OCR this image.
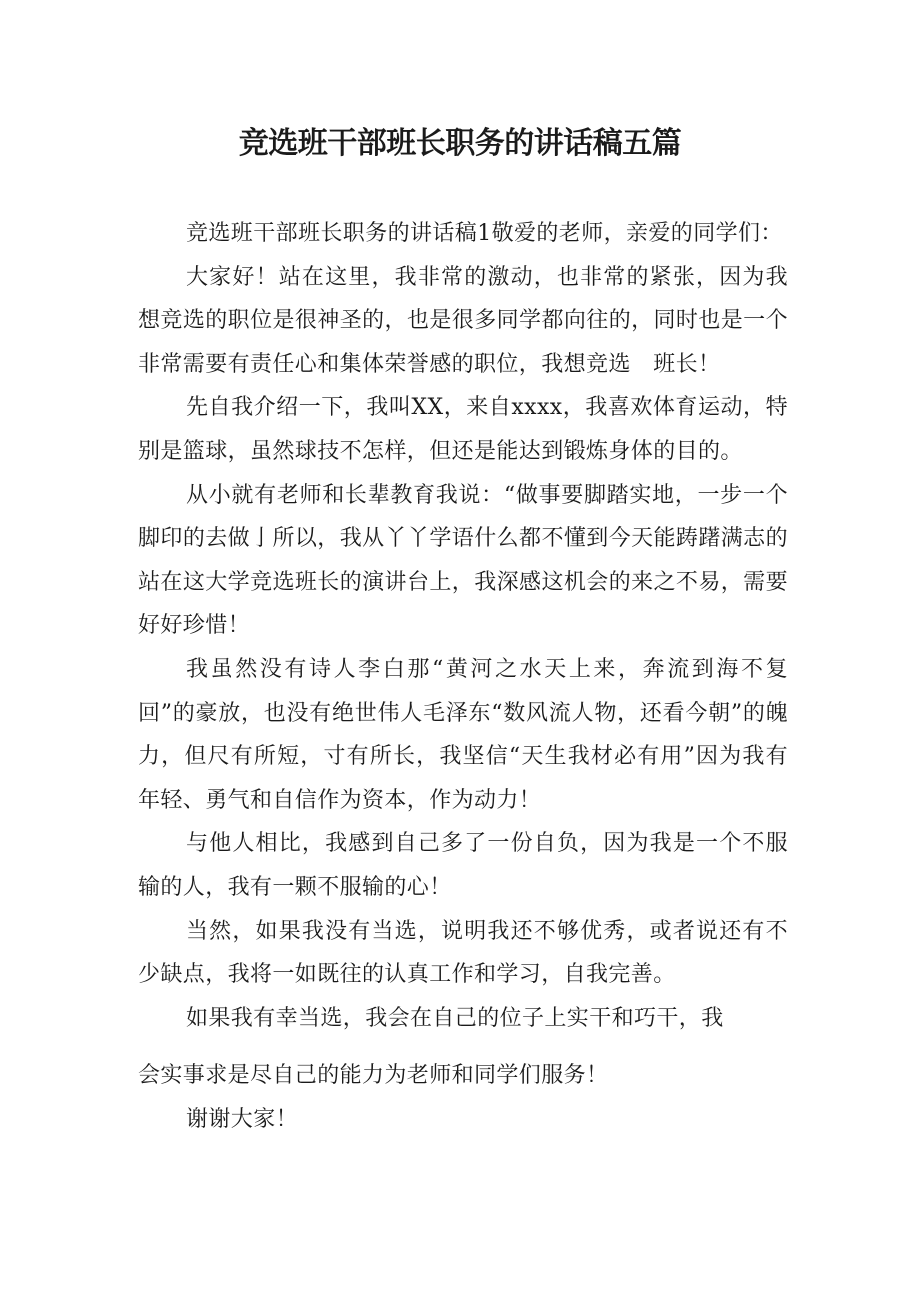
竞选班干部班长职务的讲话稿五篇

竞选班干部班长职务的讲话稿1敬爱的老师，亲爱的同学们：

大家好！站在这里，我非常的激动，也非常的紧张，因为我想竞选的职位是很神圣的，也是很多同学都向往的，同时也是一个非常需要有责任心和集体荣誉感的职位，我想竞选　班长！

先自我介绍一下，我叫XX，来自xxxx，我喜欢体育运动，特别是篮球，虽然球技不怎样，但还是能达到锻炼身体的目的。

从小就有老师和长辈教育我说：“做事要脚踏实地，一步一个脚印的去做亅所以，我从丫丫学语什么都不懂到今天能踌躇满志的站在这大学竞选班长的演讲台上，我深感这机会的来之不易，需要好好珍惜！

我虽然没有诗人李白那“黄河之水天上来，奔流到海不复回”的豪放，也没有绝世伟人毛泽东“数风流人物，还看今朝”的魄力，但尺有所短，寸有所长，我坚信“天生我材必有用”因为我有年轻、勇气和自信作为资本，作为动力！

与他人相比，我感到自己多了一份自负，因为我是一个不服输的人，我有一颗不服输的心！

当然，如果我没有当选，说明我还不够优秀，或者说还有不少缺点，我将一如既往的认真工作和学习，自我完善。

如果我有幸当选，我会在自己的位子上实干和巧干，我

会实事求是尽自己的能力为老师和同学们服务！

谢谢大家！
